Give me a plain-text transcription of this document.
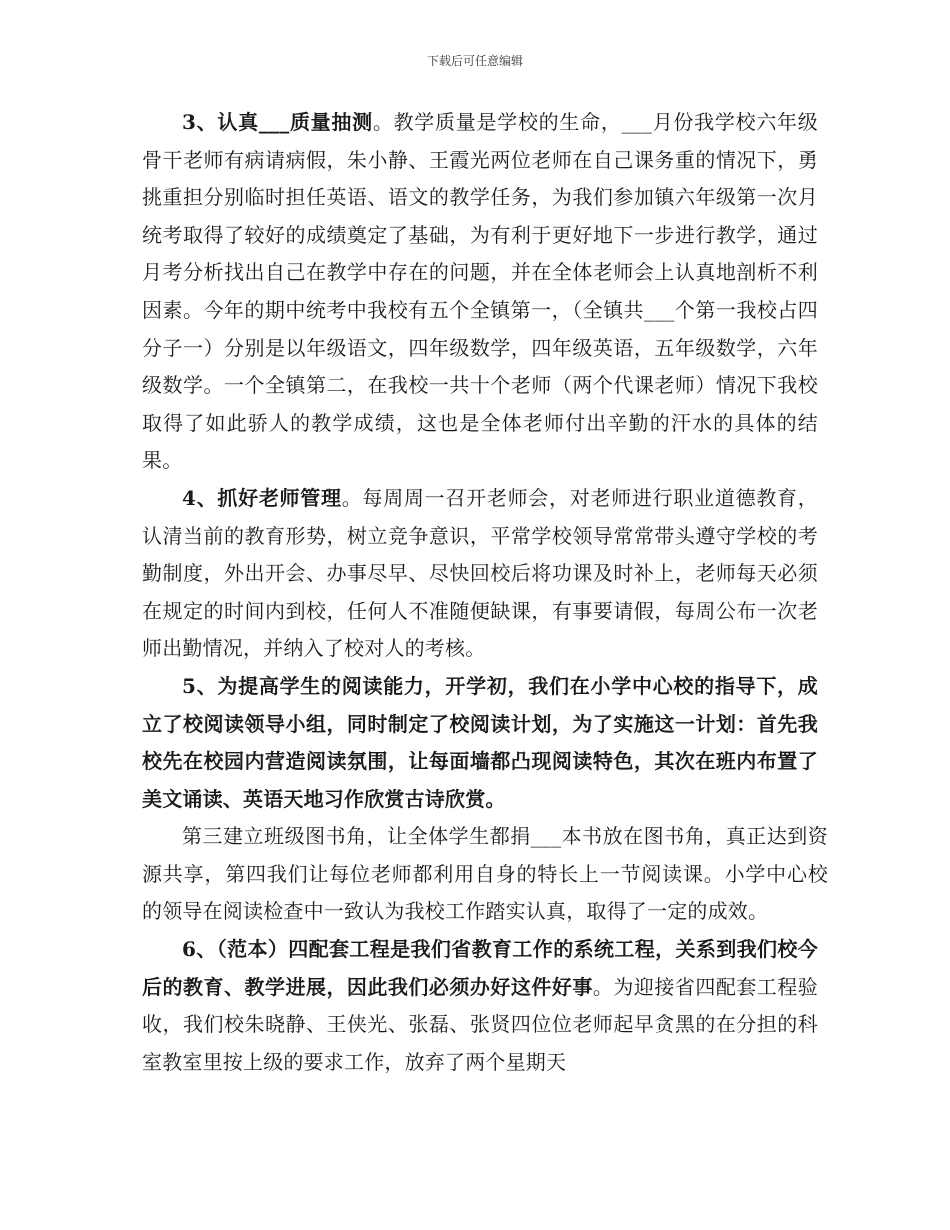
下载后可任意编辑

3、认真___质量抽测。教学质量是学校的生命，___月份我学校六年级骨干老师有病请病假，朱小静、王霞光两位老师在自己课务重的情况下，勇挑重担分别临时担任英语、语文的教学任务，为我们参加镇六年级第一次月统考取得了较好的成绩奠定了基础，为有利于更好地下一步进行教学，通过月考分析找出自己在教学中存在的问题，并在全体老师会上认真地剖析不利因素。今年的期中统考中我校有五个全镇第一，（全镇共___个第一我校占四分子一）分别是以年级语文，四年级数学，四年级英语，五年级数学，六年级数学。一个全镇第二，在我校一共十个老师（两个代课老师）情况下我校取得了如此骄人的教学成绩，这也是全体老师付出辛勤的汗水的具体的结果。

4、抓好老师管理。每周周一召开老师会，对老师进行职业道德教育，认清当前的教育形势，树立竞争意识，平常学校领导常常带头遵守学校的考勤制度，外出开会、办事尽早、尽快回校后将功课及时补上，老师每天必须在规定的时间内到校，任何人不准随便缺课，有事要请假，每周公布一次老师出勤情况，并纳入了校对人的考核。

5、为提高学生的阅读能力，开学初，我们在小学中心校的指导下，成立了校阅读领导小组，同时制定了校阅读计划，为了实施这一计划：首先我校先在校园内营造阅读氛围，让每面墙都凸现阅读特色，其次在班内布置了美文诵读、英语天地习作欣赏古诗欣赏。

第三建立班级图书角，让全体学生都捐___本书放在图书角，真正达到资源共享，第四我们让每位老师都利用自身的特长上一节阅读课。小学中心校的领导在阅读检查中一致认为我校工作踏实认真，取得了一定的成效。

6、（范本）四配套工程是我们省教育工作的系统工程，关系到我们校今后的教育、教学进展，因此我们必须办好这件好事。为迎接省四配套工程验收，我们校朱晓静、王侠光、张磊、张贤四位位老师起早贪黑的在分担的科室教室里按上级的要求工作，放弃了两个星期天
